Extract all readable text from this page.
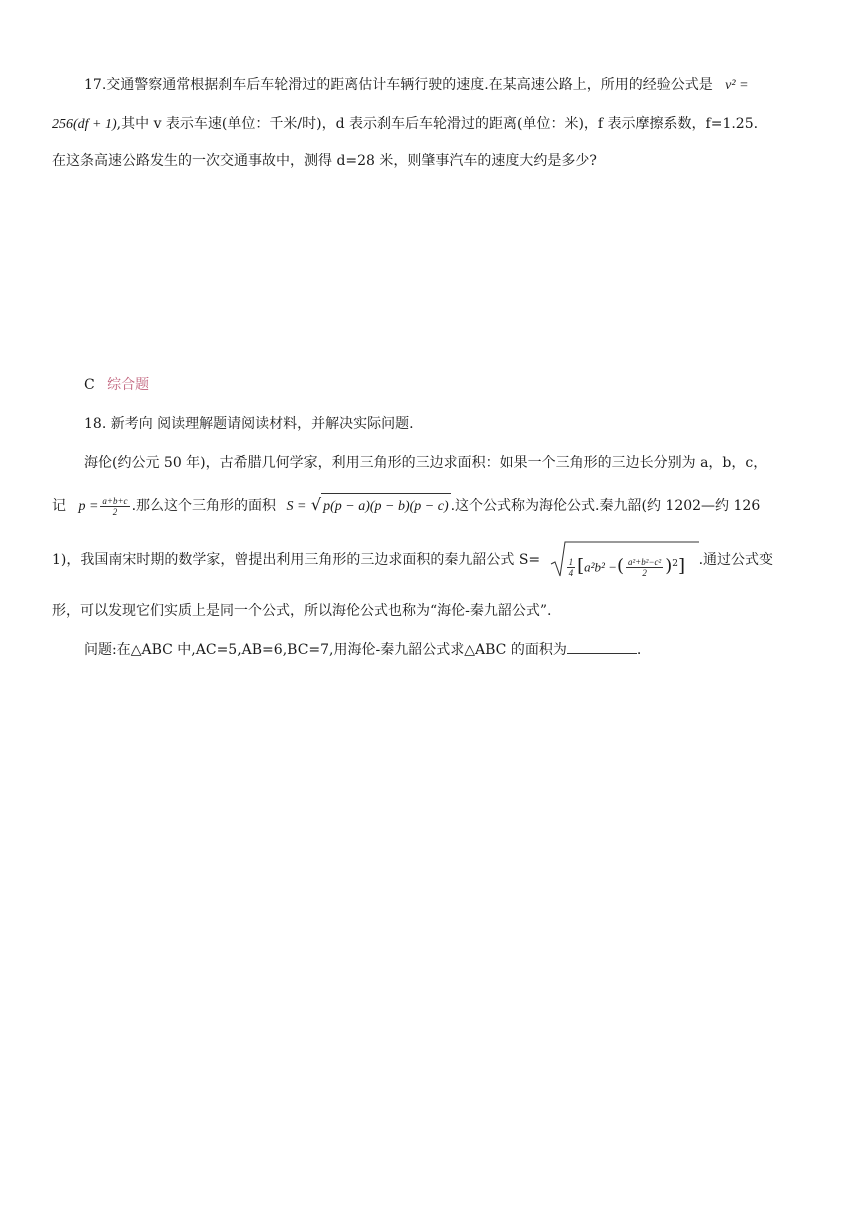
17.交通警察通常根据刹车后车轮滑过的距离估计车辆行驶的速度.在某高速公路上，所用的经验公式是 v² =
256(df + 1),其中 v 表示车速(单位：千米/时)，d 表示刹车后车轮滑过的距离(单位：米)，f 表示摩擦系数，f=1.25.
在这条高速公路发生的一次交通事故中，测得 d=28 米，则肇事汽车的速度大约是多少?
C 综合题
18. 新考向 阅读理解题请阅读材料，并解决实际问题.
海伦(约公元 50 年)，古希腊几何学家，利用三角形的三边求面积：如果一个三角形的三边长分别为 a，b，c，
记 $p = \frac{a+b+c}{2}$ .那么这个三角形的面积 S = √ p(p − a)(p − b)(p − c) .这个公式称为海伦公式.秦九韶(约 1202—约 126
1)，我国南宋时期的数学家，曾提出利用三角形的三边求面积的秦九韶公式 S=	$\frac{1}{4} [a^2b^2$ −( $\frac{\text{a²+b²−c²}}{2} )^2$] .通过公式变
形，可以发现它们实质上是同一个公式，所以海伦公式也称为“海伦-秦九韶公式”.
问题:在△ABC 中,AC=5,AB=6,BC=7,用海伦-秦九韶公式求△ABC 的面积为	.
